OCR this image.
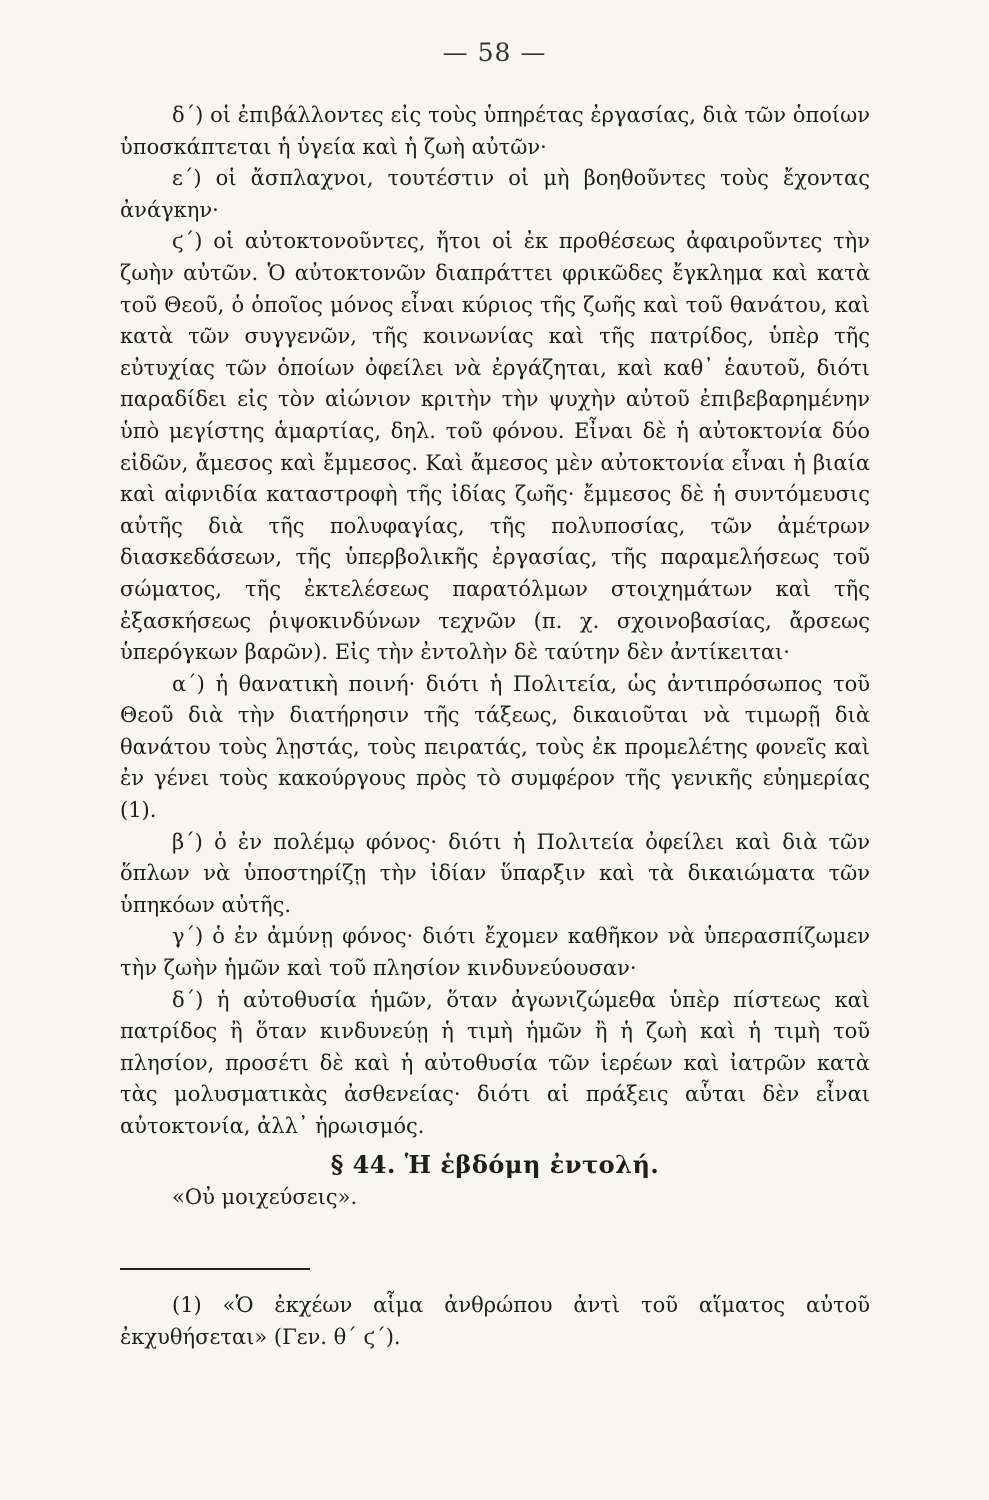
— 58 —

δ΄) οἱ ἐπιβάλλοντες εἰς τοὺς ὑπηρέτας ἐργασίας, διὰ τῶν ὁποίων ὑποσκάπτεται ἡ ὑγεία καὶ ἡ ζωὴ αὐτῶν·

ε΄) οἱ ἄσπλαχνοι, τουτέστιν οἱ μὴ βοηθοῦντες τοὺς ἔχοντας ἀνάγκην·

ϛ΄) οἱ αὐτοκτονοῦντες, ἤτοι οἱ ἐκ προθέσεως ἀφαιροῦντες τὴν ζωὴν αὐτῶν. Ὁ αὐτοκτονῶν διαπράττει φρικῶδες ἔγκλημα καὶ κατὰ τοῦ Θεοῦ, ὁ ὁποῖος μόνος εἶναι κύριος τῆς ζωῆς καὶ τοῦ θανάτου, καὶ κατὰ τῶν συγγενῶν, τῆς κοινωνίας καὶ τῆς πατρίδος, ὑπὲρ τῆς εὐτυχίας τῶν ὁποίων ὀφείλει νὰ ἐργάζηται, καὶ καθ᾽ ἑαυτοῦ, διότι παραδίδει εἰς τὸν αἰώνιον κριτὴν τὴν ψυχὴν αὐτοῦ ἐπιβεβαρημένην ὑπὸ μεγίστης ἁμαρτίας, δηλ. τοῦ φόνου. Εἶναι δὲ ἡ αὐτοκτονία δύο εἰδῶν, ἄμεσος καὶ ἔμμεσος. Καὶ ἄμεσος μὲν αὐτοκτονία εἶναι ἡ βιαία καὶ αἰφνιδία καταστροφὴ τῆς ἰδίας ζωῆς· ἔμμεσος δὲ ἡ συντόμευσις αὐτῆς διὰ τῆς πολυφαγίας, τῆς πολυποσίας, τῶν ἀμέτρων διασκεδάσεων, τῆς ὑπερβολικῆς ἐργασίας, τῆς παραμελήσεως τοῦ σώματος, τῆς ἐκτελέσεως παρατόλμων στοιχημάτων καὶ τῆς ἐξασκήσεως ῥιψοκινδύνων τεχνῶν (π. χ. σχοινοβασίας, ἄρσεως ὑπερόγκων βαρῶν). Εἰς τὴν ἐντολὴν δὲ ταύτην δὲν ἀντίκειται·

α΄) ἡ θανατικὴ ποινή· διότι ἡ Πολιτεία, ὡς ἀντιπρόσωπος τοῦ Θεοῦ διὰ τὴν διατήρησιν τῆς τάξεως, δικαιοῦται νὰ τιμωρῇ διὰ θανάτου τοὺς λῃστάς, τοὺς πειρατάς, τοὺς ἐκ προμελέτης φονεῖς καὶ ἐν γένει τοὺς κακούργους πρὸς τὸ συμφέρον τῆς γενικῆς εὐημερίας (1).

β΄) ὁ ἐν πολέμῳ φόνος· διότι ἡ Πολιτεία ὀφείλει καὶ διὰ τῶν ὅπλων νὰ ὑποστηρίζῃ τὴν ἰδίαν ὕπαρξιν καὶ τὰ δικαιώματα τῶν ὑπηκόων αὐτῆς.

γ΄) ὁ ἐν ἀμύνῃ φόνος· διότι ἔχομεν καθῆκον νὰ ὑπερασπίζωμεν τὴν ζωὴν ἡμῶν καὶ τοῦ πλησίον κινδυνεύουσαν·

δ΄) ἡ αὐτοθυσία ἡμῶν, ὅταν ἀγωνιζώμεθα ὑπὲρ πίστεως καὶ πατρίδος ἢ ὅταν κινδυνεύῃ ἡ τιμὴ ἡμῶν ἢ ἡ ζωὴ καὶ ἡ τιμὴ τοῦ πλησίον, προσέτι δὲ καὶ ἡ αὐτοθυσία τῶν ἱερέων καὶ ἰατρῶν κατὰ τὰς μολυσματικὰς ἀσθενείας· διότι αἱ πράξεις αὗται δὲν εἶναι αὐτοκτονία, ἀλλ᾽ ἡρωισμός.

§ 44. Ἡ ἑβδόμη ἐντολή.

«Οὐ μοιχεύσεις».

(1) «Ὁ ἐκχέων αἷμα ἀνθρώπου ἀντὶ τοῦ αἵματος αὐτοῦ ἐκχυθήσεται» (Γεν. θ΄ ϛ΄).
